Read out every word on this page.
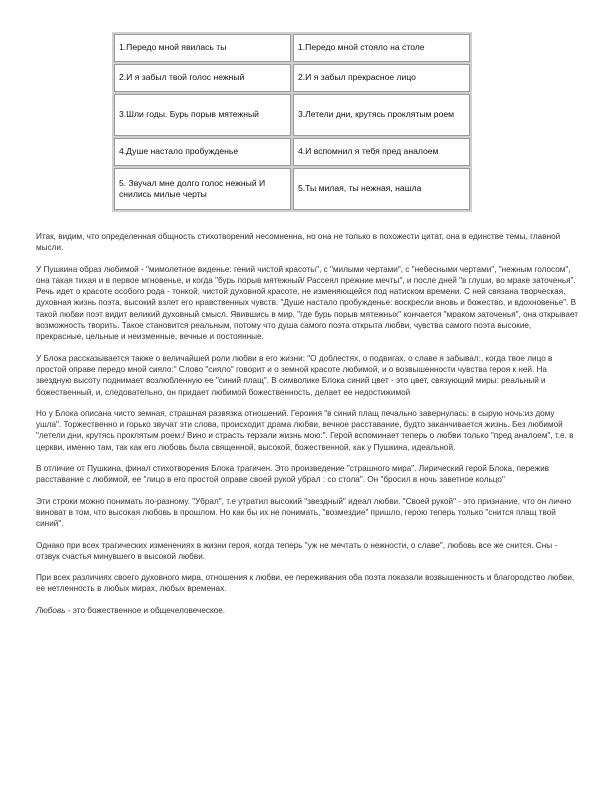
1.Передо мной явилась ты	1.Передо мной стояло на столе
2.И я забыл твой голос нежный	2.И я забыл прекрасное лицо
3.Шли годы. Бурь порыв мятежный	3.Летели дни, крутясь проклятым роем
4.Душе настало пробужденье	4.И вспомнил я тебя пред аналоем
5. Звучал мне долго голос нежный И снились милые черты	5.Ты милая, ты нежная, нашла

Итак, видим, что определенная общность стихотворений несомненна, но она не только в похожести цитат, она в единстве темы, главной мысли.

У Пушкина образ любимой - "мимолетное виденье: гений чистой красоты", с "милыми чертами", с "небесными чертами", "нежным голосом", она такая тихая и в первое мгновенье, и когда "бурь порыв мятежный/ Рассеял прежние мечты", и после дней "в глуши, во мраке заточенья". Речь идет о красоте особого рода - тонкой, чистой духовной красоте, не изменяющейся под натиском времени. С ней связана творческая, духовная жизнь поэта, высокий взлет его нравственных чувств. "Душе настало пробужденье: воскресли вновь и божество, и вдохновенье". В такой любви поэт видит великий духовный смысл. Явившись в мир, "где бурь порыв мятежных" кончается "мраком заточенья", она открывает возможность творить. Такое становится реальным, потому что душа самого поэта открыта любви, чувства самого поэта высокие, прекрасные, цельные и неизменные, вечные и постоянные.

У Блока рассказывается также о величайшей роли любви в его жизни: "О доблестях, о подвигах, о славе я забывал:, когда твое лицо в простой оправе передо мной сияло:" Слово "сияло" говорит и о земной красоте любимой, и о возвышенности чувства героя к ней. На звездную высоту поднимает возлюбленную ее "синий плащ". В символике Блока синий цвет - это цвет, связующий миры: реальный и божественный, и, следовательно, он придает любимой божественность, делает ее недостижимой

Но у Блока описана чисто земная, страшная развязка отношений. Героиня "в синий плащ печально завернулась: в сырую ночь:из дому ушла". Торжественно и горько звучат эти слова, происходит драма любви, вечное расставание, будто заканчивается жизнь. Без любимой "летели дни, крутясь проклятым роем:/ Вино и страсть терзали жизнь мою:". Герой вспоминает теперь о любви только "пред аналоем", т.е. в церкви, именно там, так как его любовь была священной, высокой, божественной, как у Пушкина, идеальной.

В отличие от Пушкина, финал стихотворения Блока трагичен. Это произведение "страшного мира". Лирический герой Блока, пережив расставание с любимой, ее "лицо в его простой оправе своей рукой убрал : со стола". Он "бросил в ночь заветное кольцо"

Эти строки можно понимать по-разному. "Убрал", т.е утратил высокий "звездный" идеал любви. "Своей рукой" - это признание, что он лично виноват в том, что высокая любовь в прошлом. Но как бы их не понимать, "возмездие" пришло, герою теперь только "снится плащ твой синий".

Однако при всех трагических изменениях в жизни героя, когда теперь "уж не мечтать о нежности, о славе", любовь все же снится. Сны - отзвук счастья минувшего в высокой любви.

При всех различиях своего духовного мира, отношения к любви, ее переживания оба поэта показали возвышенность и благородство любви, ее нетленность в любых мирах, любых временах.

Любовь - это божественное и общечеловеческое.
